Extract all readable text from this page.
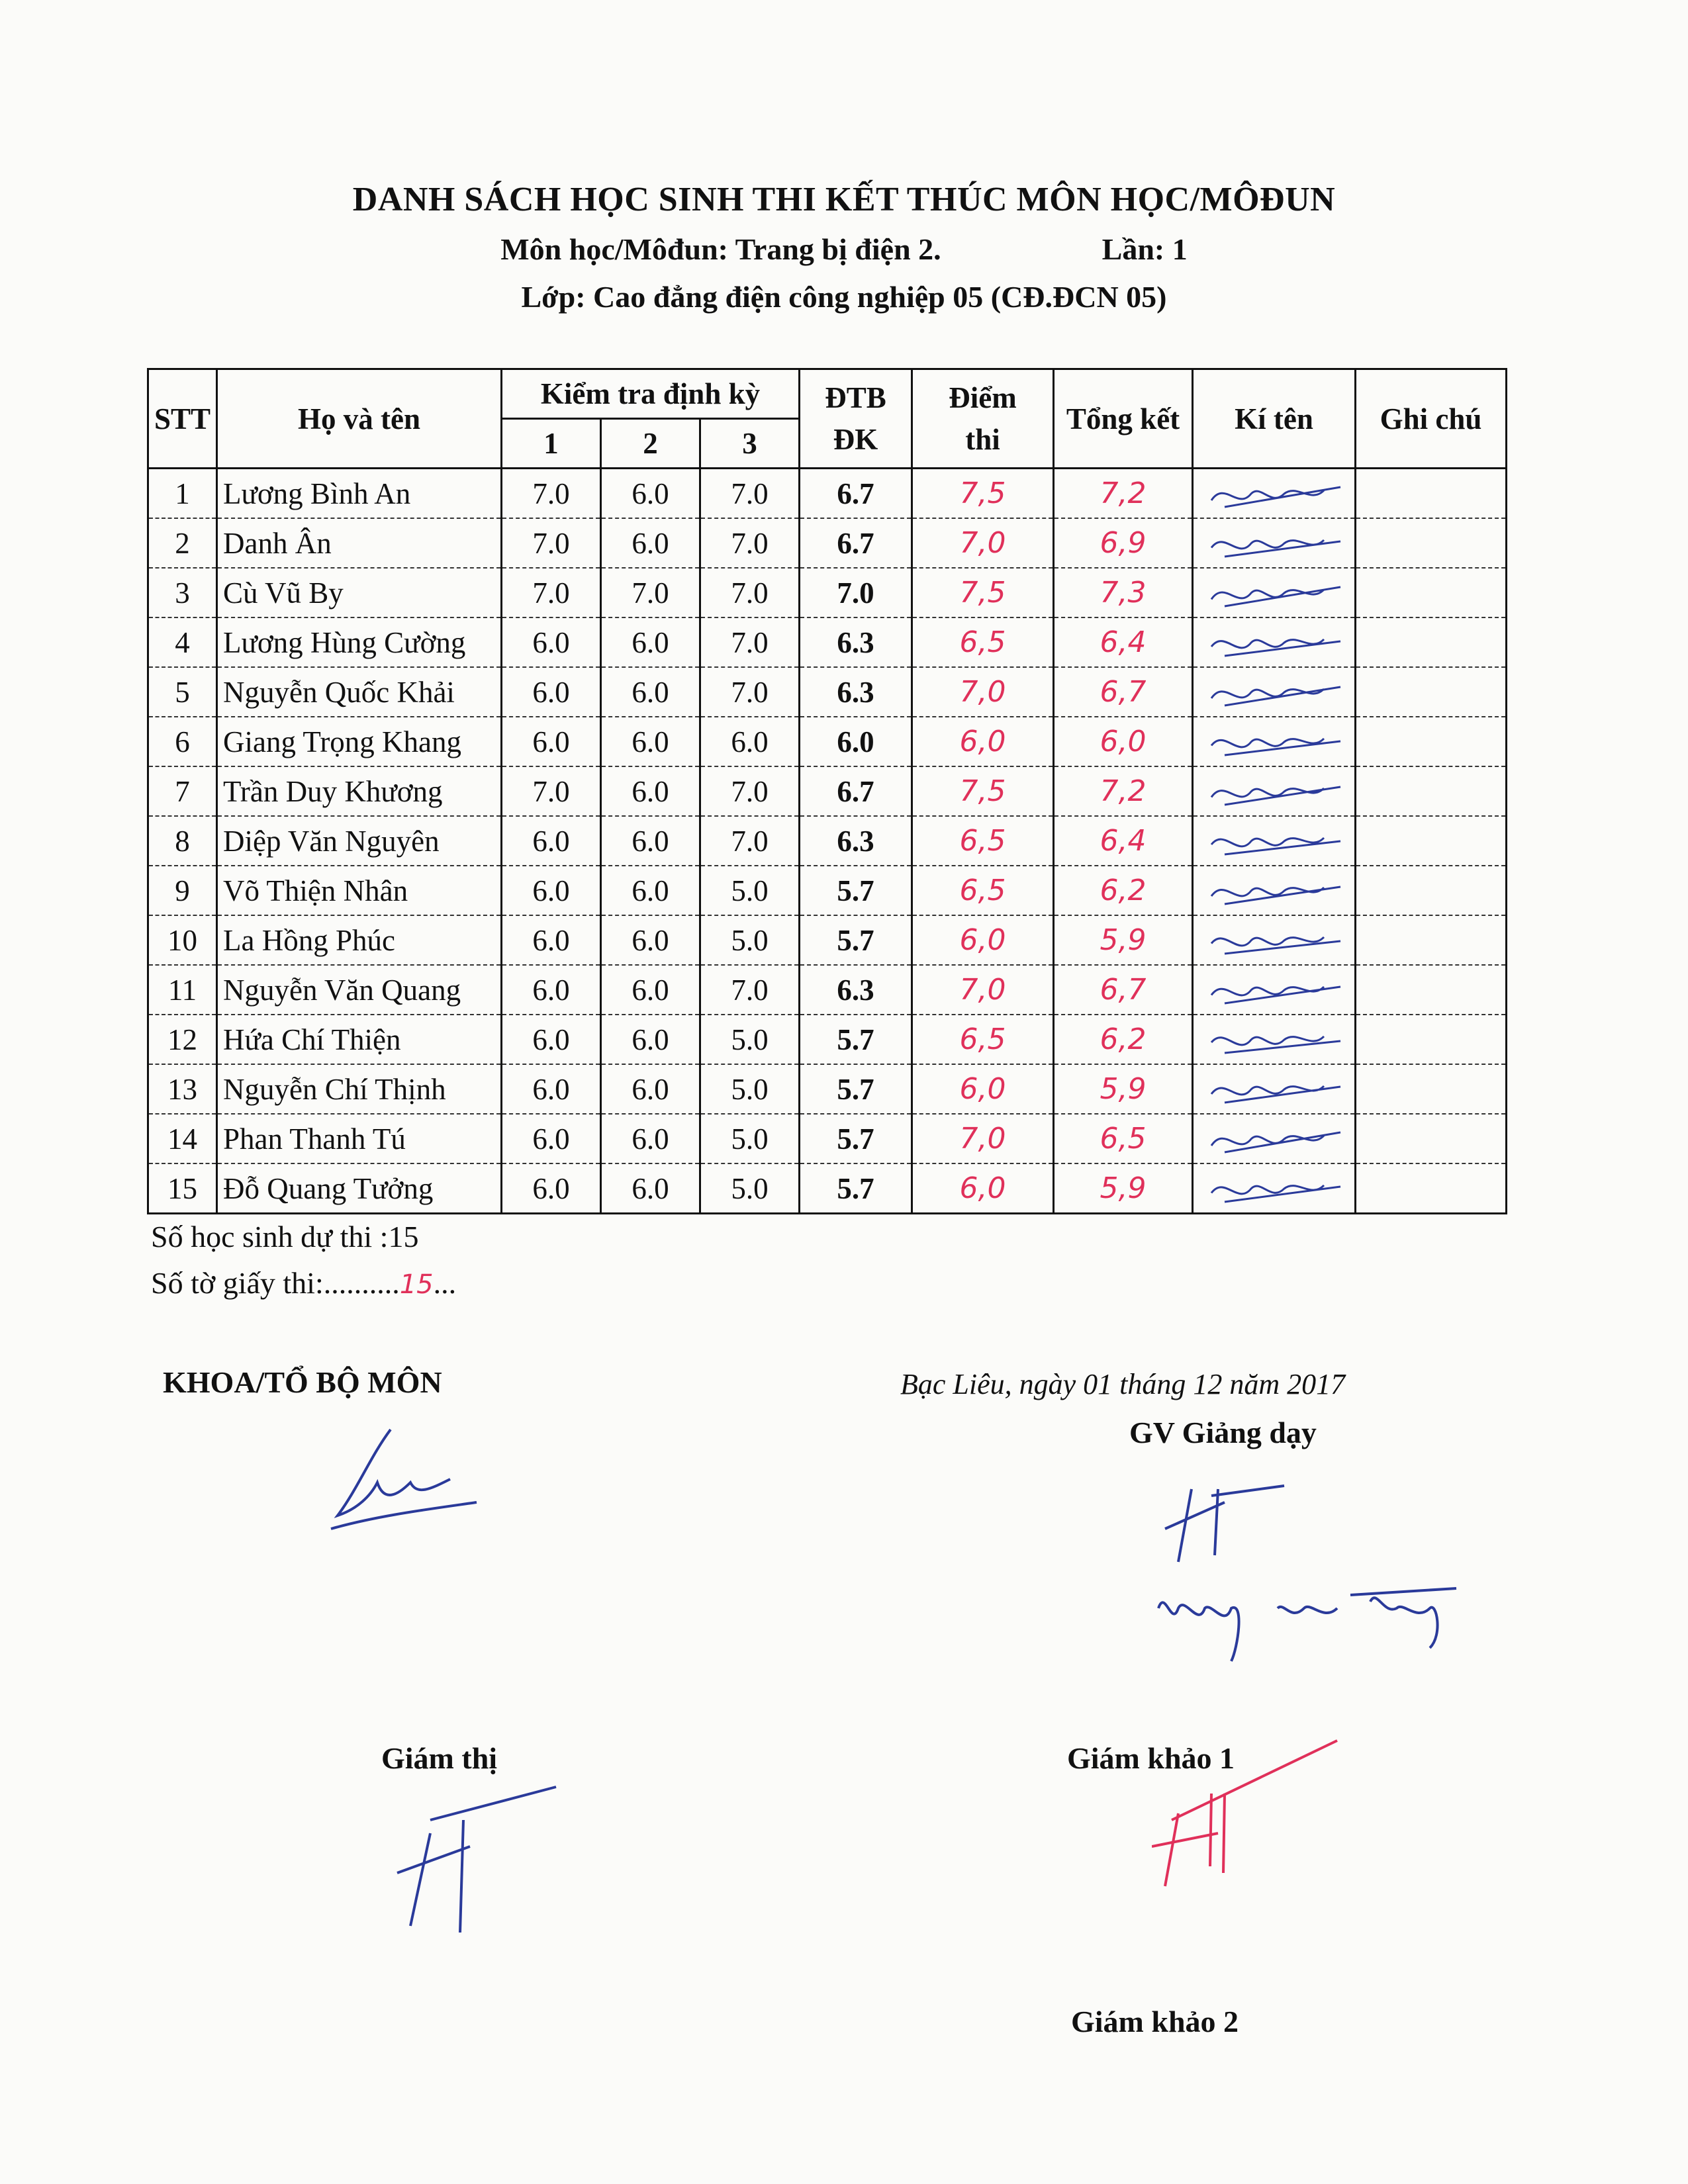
DANH SÁCH HỌC SINH THI KẾT THÚC MÔN HỌC/MÔĐUN
Môn học/Môđun: Trang bị điện 2.	Lần: 1
Lớp: Cao đẳng điện công nghiệp 05 (CĐ.ĐCN 05)
STT	Họ và tên	Kiểm tra định kỳ			ĐTB ĐK	Điểm thi	Tổng kết	Kí tên	Ghi chú
		1	2	3					
1	Lương Bình An	7.0	6.0	7.0	6.7	7,5	7,2	

2	Danh Ân	7.0	6.0	7.0	6.7	7,0	6,9	

3	Cù Vũ By	7.0	7.0	7.0	7.0	7,5	7,3	

4	Lương Hùng Cường	6.0	6.0	7.0	6.3	6,5	6,4	

5	Nguyễn Quốc Khải	6.0	6.0	7.0	6.3	7,0	6,7	

6	Giang Trọng Khang	6.0	6.0	6.0	6.0	6,0	6,0	

7	Trần Duy Khương	7.0	6.0	7.0	6.7	7,5	7,2	

8	Diệp Văn Nguyên	6.0	6.0	7.0	6.3	6,5	6,4	

9	Võ Thiện Nhân	6.0	6.0	5.0	5.7	6,5	6,2	

10	La Hồng Phúc	6.0	6.0	5.0	5.7	6,0	5,9	

11	Nguyễn Văn Quang	6.0	6.0	7.0	6.3	7,0	6,7	

12	Hứa Chí Thiện	6.0	6.0	5.0	5.7	6,5	6,2	

13	Nguyễn Chí Thịnh	6.0	6.0	5.0	5.7	6,0	5,9	

14	Phan Thanh Tú	6.0	6.0	5.0	5.7	7,0	6,5	

15	Đỗ Quang Tưởng	6.0	6.0	5.0	5.7	6,0	5,9	

Số học sinh dự thi :15
Số tờ giấy thi:..........15...
KHOA/TỔ BỘ MÔN	Bạc Liêu, ngày 01 tháng 12 năm 2017
GV Giảng dạy
Giám thị	Giám khảo 1
Giám khảo 2
